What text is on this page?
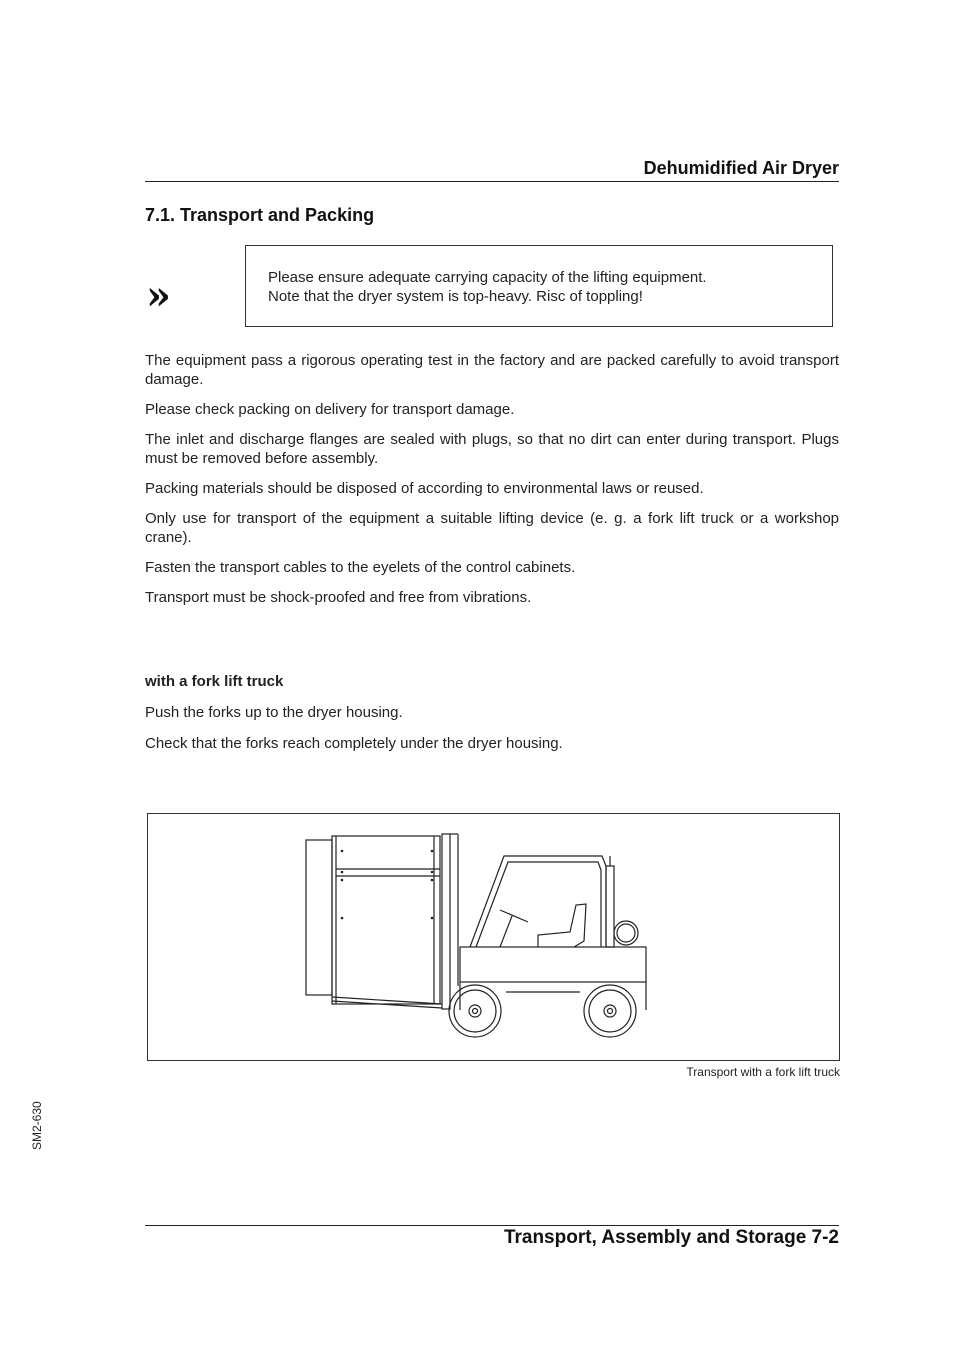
Dehumidified Air Dryer
7.1. Transport and Packing
»	Please ensure adequate carrying capacity of the lifting equipment.
Note that the dryer system is top-heavy. Risc of toppling!

The equipment pass a rigorous operating test in the factory and are packed carefully to avoid transport damage.

Please check packing on delivery for transport damage.

The inlet and discharge flanges are sealed with plugs, so that no dirt can enter during transport. Plugs must be removed before assembly.

Packing materials should be disposed of according to environmental laws or reused.

Only use for transport of the equipment a suitable lifting device (e. g. a fork lift truck or a workshop crane).

Fasten the transport cables to the eyelets of the control cabinets.

Transport must be shock-proofed and free from vibrations.

with a fork lift truck

Push the forks up to the dryer housing.

Check that the forks reach completely under the dryer housing.

Transport with a fork lift truck
SM2-630
Transport, Assembly and Storage 7-2
